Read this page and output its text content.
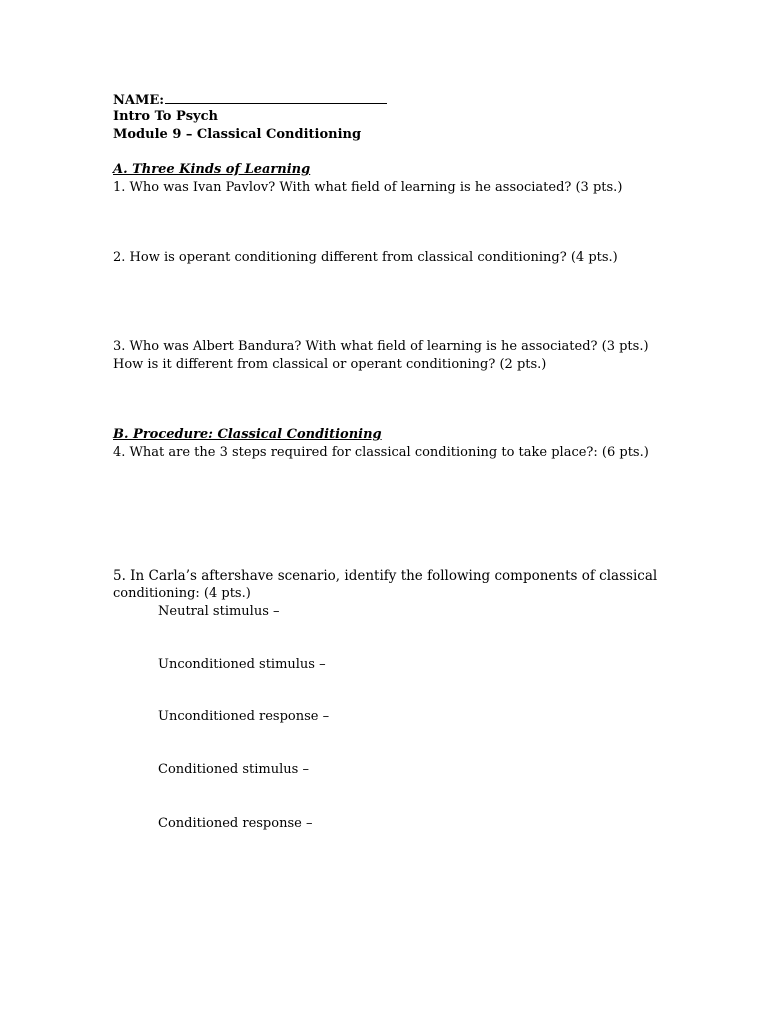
NAME:
Intro To Psych
Module 9 – Classical Conditioning
A. Three Kinds of Learning
1. Who was Ivan Pavlov? With what field of learning is he associated? (3 pts.)
2. How is operant conditioning different from classical conditioning? (4 pts.)
3. Who was Albert Bandura? With what field of learning is he associated? (3 pts.)
How is it different from classical or operant conditioning? (2 pts.)
B. Procedure: Classical Conditioning
4. What are the 3 steps required for classical conditioning to take place?: (6 pts.)
5. In Carla’s aftershave scenario, identify the following components of classical
conditioning: (4 pts.)
Neutral stimulus –
Unconditioned stimulus –
Unconditioned response –
Conditioned stimulus –
Conditioned response –
